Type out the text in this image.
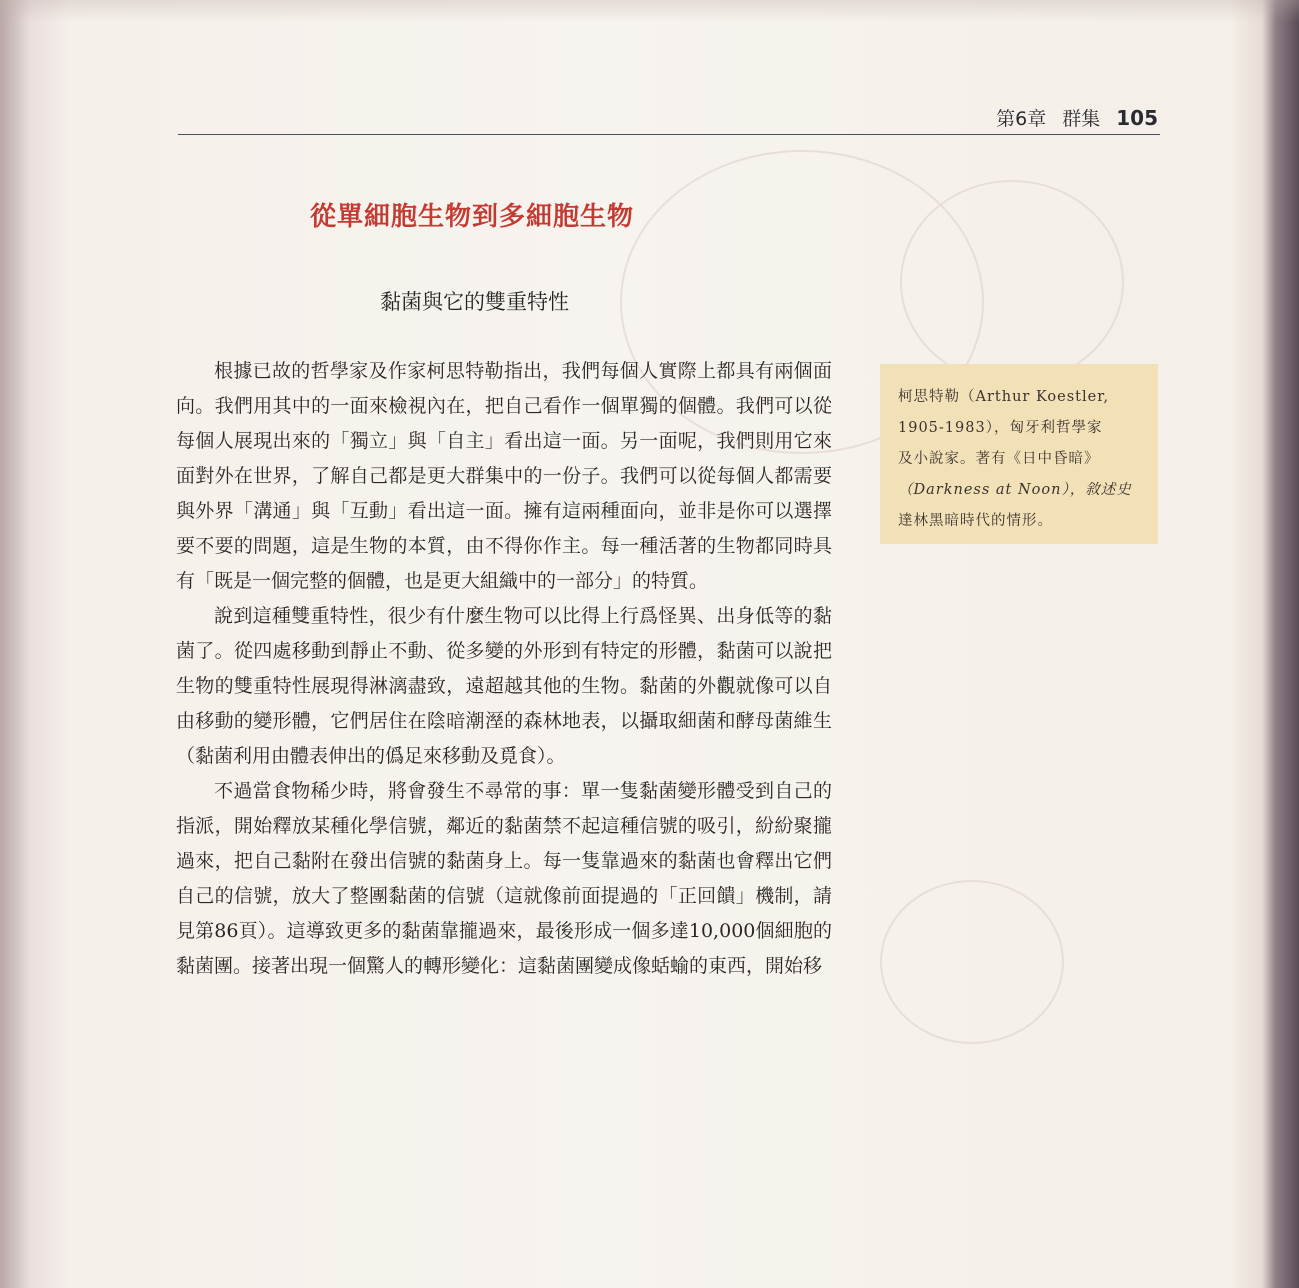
第6章 群集 105
從單細胞生物到多細胞生物
黏菌與它的雙重特性

根據已故的哲學家及作家柯思特勒指出，我們每個人實際上都具有兩個面向。我們用其中的一面來檢視內在，把自己看作一個單獨的個體。我們可以從每個人展現出來的「獨立」與「自主」看出這一面。另一面呢，我們則用它來面對外在世界，了解自己都是更大群集中的一份子。我們可以從每個人都需要與外界「溝通」與「互動」看出這一面。擁有這兩種面向，並非是你可以選擇要不要的問題，這是生物的本質，由不得你作主。每一種活著的生物都同時具有「既是一個完整的個體，也是更大組織中的一部分」的特質。

說到這種雙重特性，很少有什麼生物可以比得上行爲怪異、出身低等的黏菌了。從四處移動到靜止不動、從多變的外形到有特定的形體，黏菌可以說把生物的雙重特性展現得淋漓盡致，遠超越其他的生物。黏菌的外觀就像可以自由移動的變形體，它們居住在陰暗潮溼的森林地表，以攝取細菌和酵母菌維生（黏菌利用由體表伸出的僞足來移動及覓食）。

不過當食物稀少時，將會發生不尋常的事：單一隻黏菌變形體受到自己的指派，開始釋放某種化學信號，鄰近的黏菌禁不起這種信號的吸引，紛紛聚攏過來，把自己黏附在發出信號的黏菌身上。每一隻靠過來的黏菌也會釋出它們自己的信號，放大了整團黏菌的信號（這就像前面提過的「正回饋」機制，請見第86頁）。這導致更多的黏菌靠攏過來，最後形成一個多達10,000個細胞的黏菌團。接著出現一個驚人的轉形變化：這黏菌團變成像蛞蝓的東西，開始移

柯思特勒（Arthur Koestler,
1905-1983），匈牙利哲學家
及小說家。著有《日中昏暗》
（Darkness at Noon），敘述史
達林黑暗時代的情形。
